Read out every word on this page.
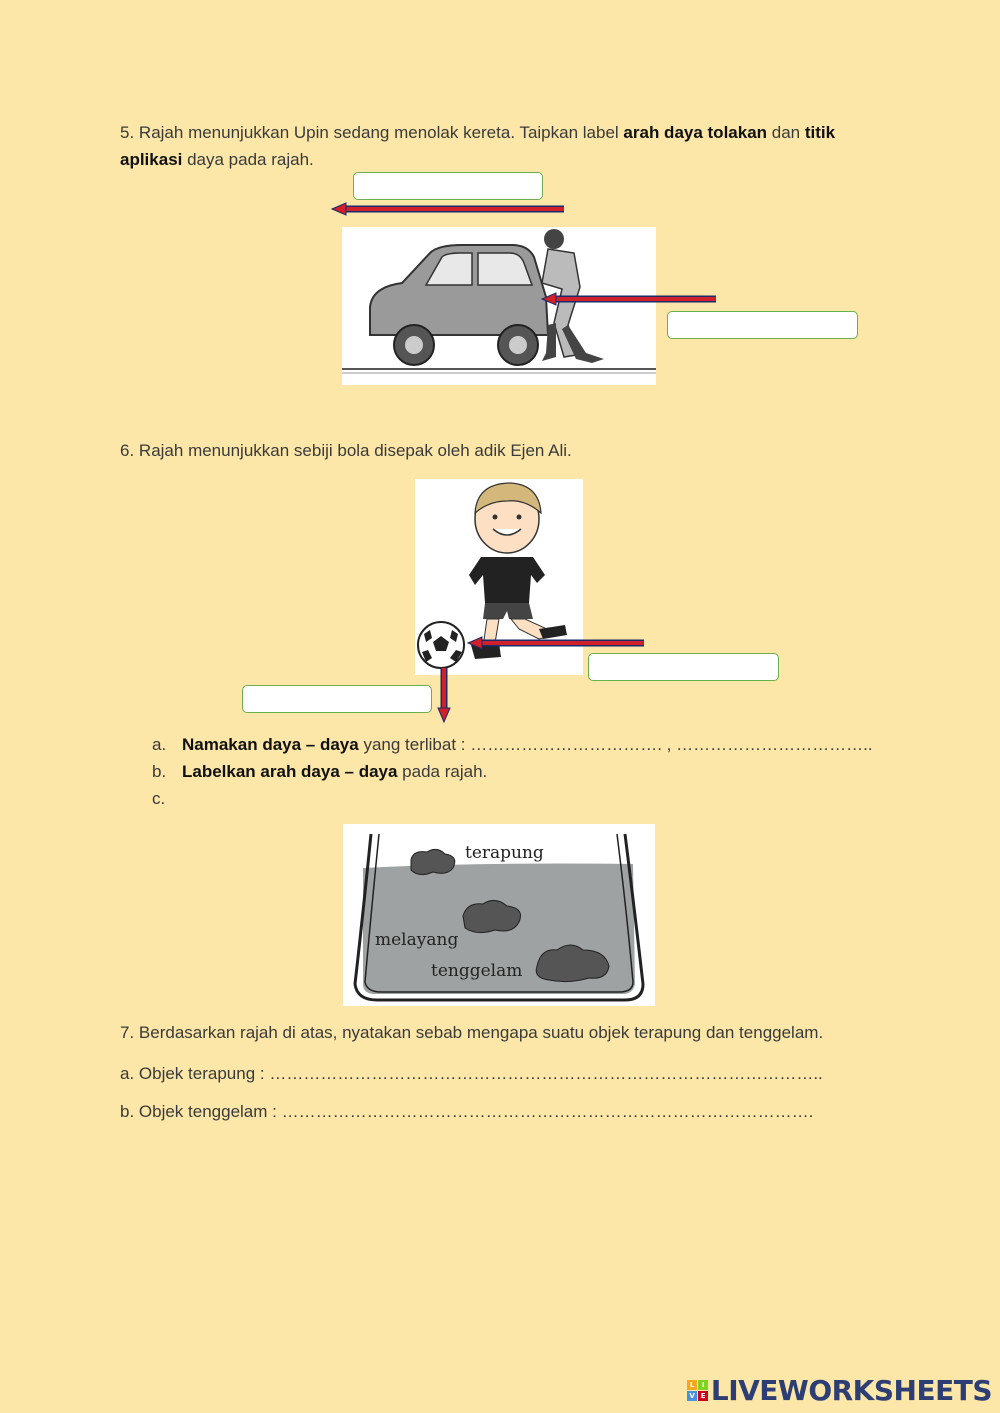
5. Rajah menunjukkan Upin sedang menolak kereta. Taipkan label arah daya tolakan dan titik aplikasi daya pada rajah.
6. Rajah menunjukkan sebiji bola disepak oleh adik Ejen Ali.
a. Namakan daya – daya yang terlibat : ……………………………. , ……………………………..
b. Labelkan arah daya – daya pada rajah.
c.
terapung
melayang
tenggelam
7. Berdasarkan rajah di atas, nyatakan sebab mengapa suatu objek terapung dan tenggelam.
a. Objek terapung : ……………………………………………………………………………………..
b. Objek tenggelam : ………………………………………………………………………………….
L	I
V E LIVEWORKSHEETS
